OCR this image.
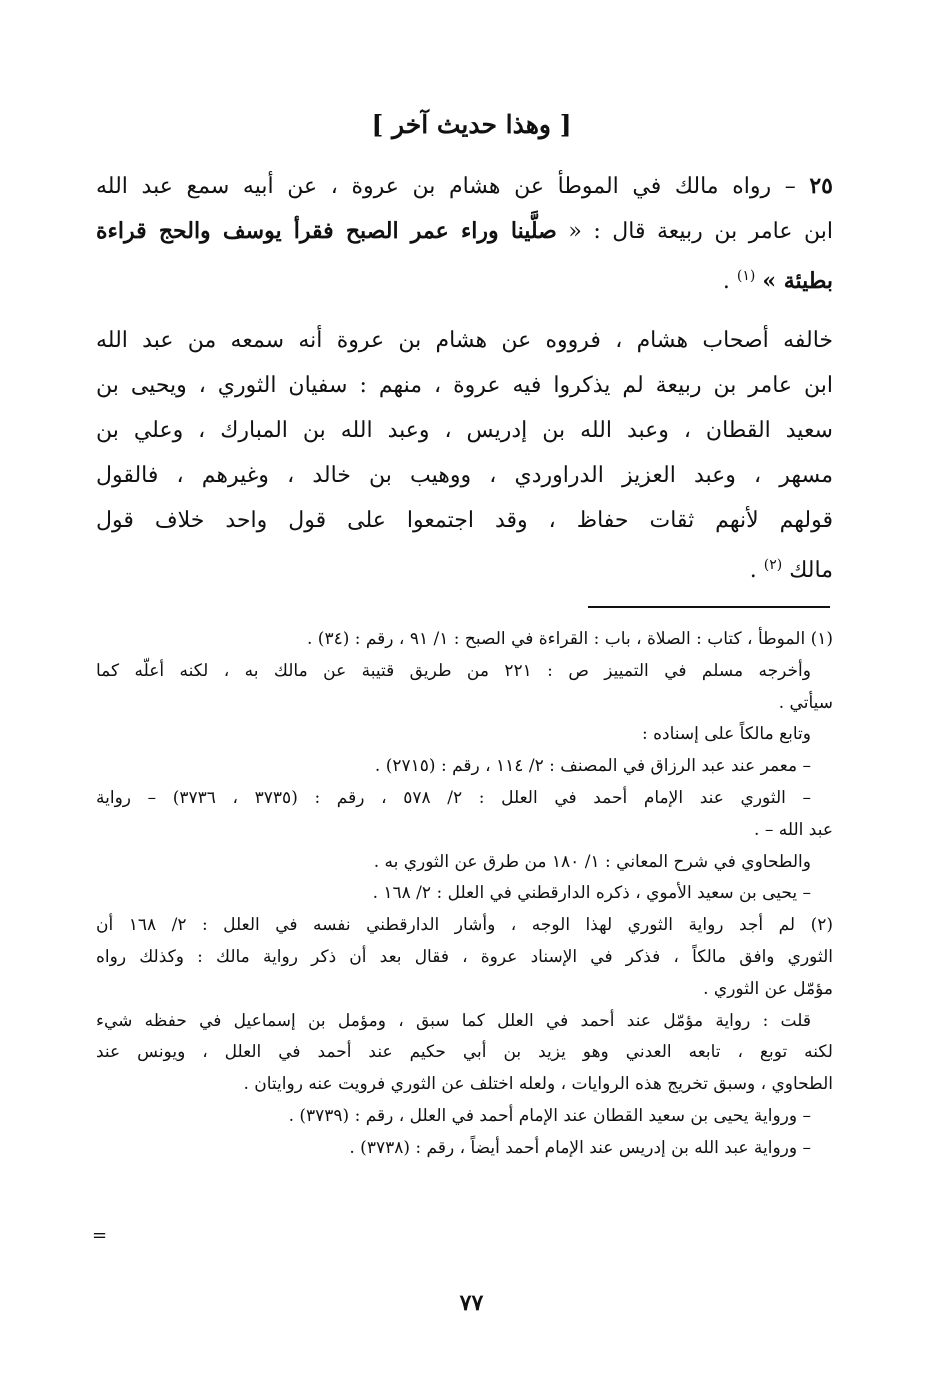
[ وهذا حديث آخر ]
٢٥ – رواه مالك في الموطأ عن هشام بن عروة ، عن أبيه سمع عبد الله
ابن عامر بن ربيعة قال : « صلَّينا وراء عمر الصبح فقرأ يوسف والحج قراءة
بطيئة » $^{(١)}$ .
خالفه أصحاب هشام ، فرووه عن هشام بن عروة أنه سمعه من عبد الله
ابن عامر بن ربيعة لم يذكروا فيه عروة ، منهم : سفيان الثوري ، ويحيى بن
سعيد القطان ، وعبد الله بن إدريس ، وعبد الله بن المبارك ، وعلي بن
مسهر ، وعبد العزيز الدراوردي ، ووهيب بن خالد ، وغيرهم ، فالقول
قولهم لأنهم ثقات حفاظ ، وقد اجتمعوا على قول واحد خلاف قول
مالك $^{(٢)}$ .
(١) الموطأ ، كتاب : الصلاة ، باب : القراءة في الصبح : ١/ ٩١ ، رقم : (٣٤) .
وأخرجه مسلم في التمييز ص : ٢٢١ من طريق قتيبة عن مالك به ، لكنه أعلّه كما
سيأتي .
وتابع مالكاً على إسناده :
– معمر عند عبد الرزاق في المصنف : ٢/ ١١٤ ، رقم : (٢٧١٥) .
– الثوري عند الإمام أحمد في العلل : ٢/ ٥٧٨ ، رقم : (٣٧٣٥ ، ٣٧٣٦) – رواية
عبد الله – .
والطحاوي في شرح المعاني : ١/ ١٨٠ من طرق عن الثوري به .
– يحيى بن سعيد الأموي ، ذكره الدارقطني في العلل : ٢/ ١٦٨ .
(٢) لم أجد رواية الثوري لهذا الوجه ، وأشار الدارقطني نفسه في العلل : ٢/ ١٦٨ أن
الثوري وافق مالكاً ، فذكر في الإسناد عروة ، فقال بعد أن ذكر رواية مالك : وكذلك رواه
مؤمّل عن الثوري .
قلت : رواية مؤمّل عند أحمد في العلل كما سبق ، ومؤمل بن إسماعيل في حفظه شيء
لكنه توبع ، تابعه العدني وهو يزيد بن أبي حكيم عند أحمد في العلل ، ويونس عند
الطحاوي ، وسبق تخريج هذه الروايات ، ولعله اختلف عن الثوري فرويت عنه روايتان .
– ورواية يحيى بن سعيد القطان عند الإمام أحمد في العلل ، رقم : (٣٧٣٩) .
– ورواية عبد الله بن إدريس عند الإمام أحمد أيضاً ، رقم : (٣٧٣٨) .
=
٧٧
